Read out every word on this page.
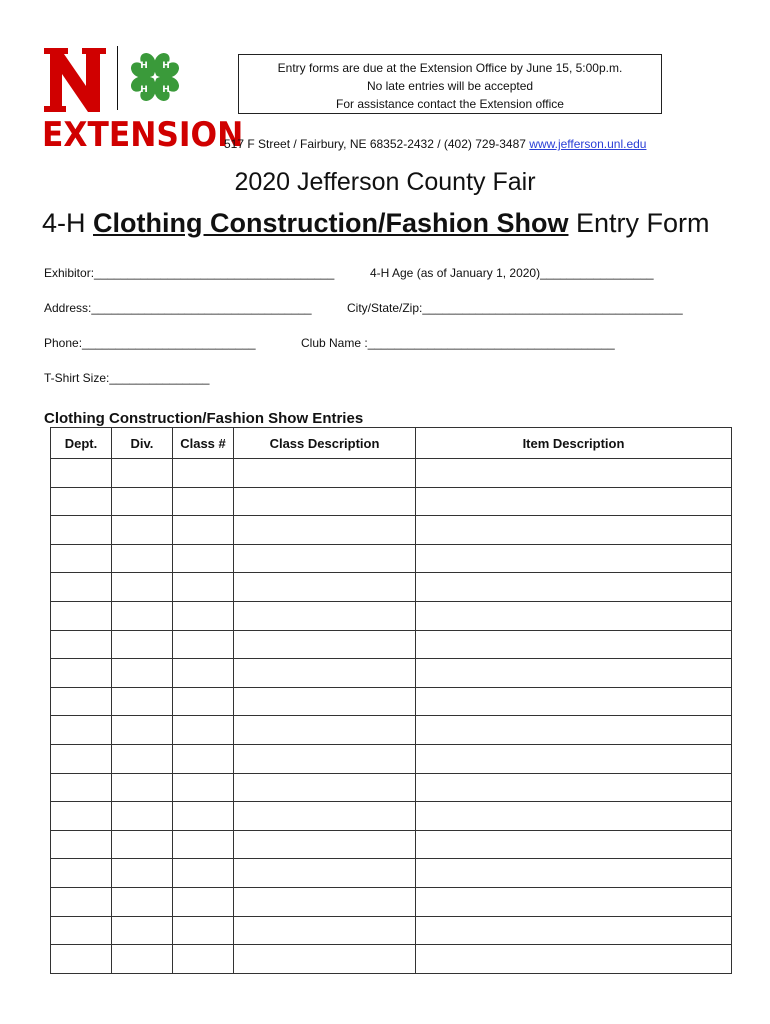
H H
H H
EXTENSION
Entry forms are due at the Extension Office by June 15, 5:00p.m.
No late entries will be accepted
For assistance contact the Extension office
517 F Street / Fairbury, NE 68352-2432 / (402) 729-3487 www.jefferson.unl.edu
2020 Jefferson County Fair
4-H Clothing Construction/Fashion Show Entry Form
Exhibitor:____________________________________	4-H Age (as of January 1, 2020)_________________
Address:_________________________________	City/State/Zip:_______________________________________
Phone:__________________________	Club Name :_____________________________________
T-Shirt Size:_______________
Clothing Construction/Fashion Show Entries
Dept.	Div.	Class #	Class Description	Item Description
